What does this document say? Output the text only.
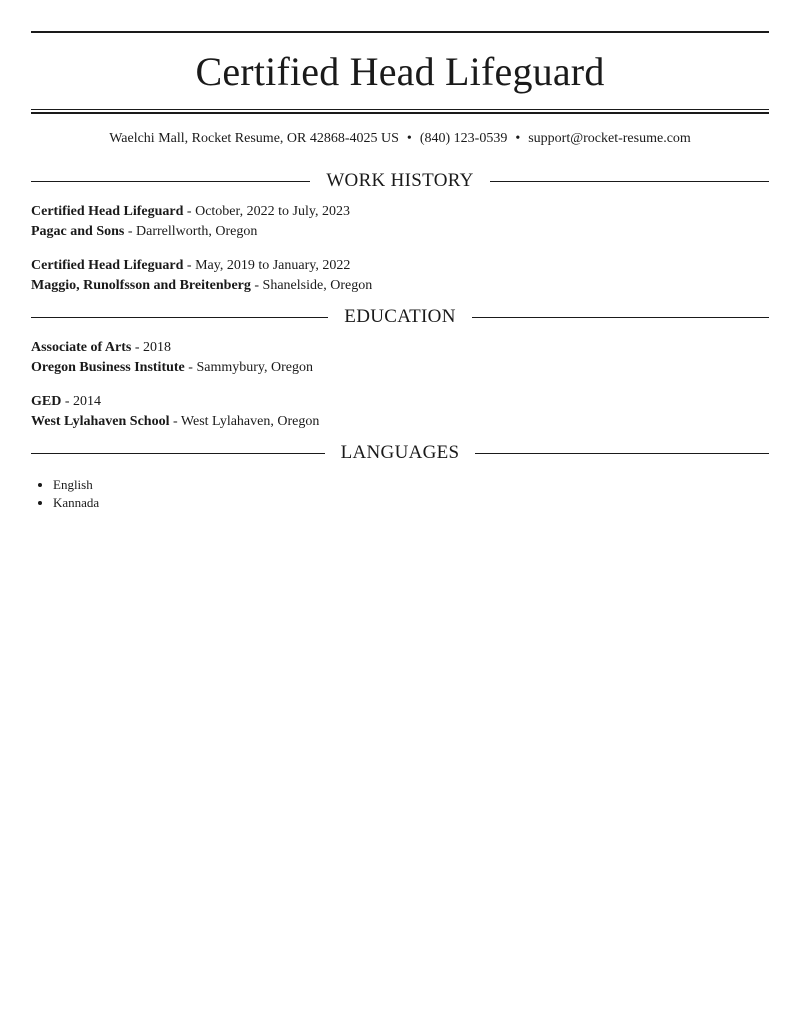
Certified Head Lifeguard
Waelchi Mall, Rocket Resume, OR 42868-4025 US • (840) 123-0539 • support@rocket-resume.com
WORK HISTORY
Certified Head Lifeguard - October, 2022 to July, 2023
Pagac and Sons - Darrellworth, Oregon
Certified Head Lifeguard - May, 2019 to January, 2022
Maggio, Runolfsson and Breitenberg - Shanelside, Oregon
EDUCATION
Associate of Arts - 2018
Oregon Business Institute - Sammybury, Oregon
GED - 2014
West Lylahaven School - West Lylahaven, Oregon
LANGUAGES
• English
• Kannada
